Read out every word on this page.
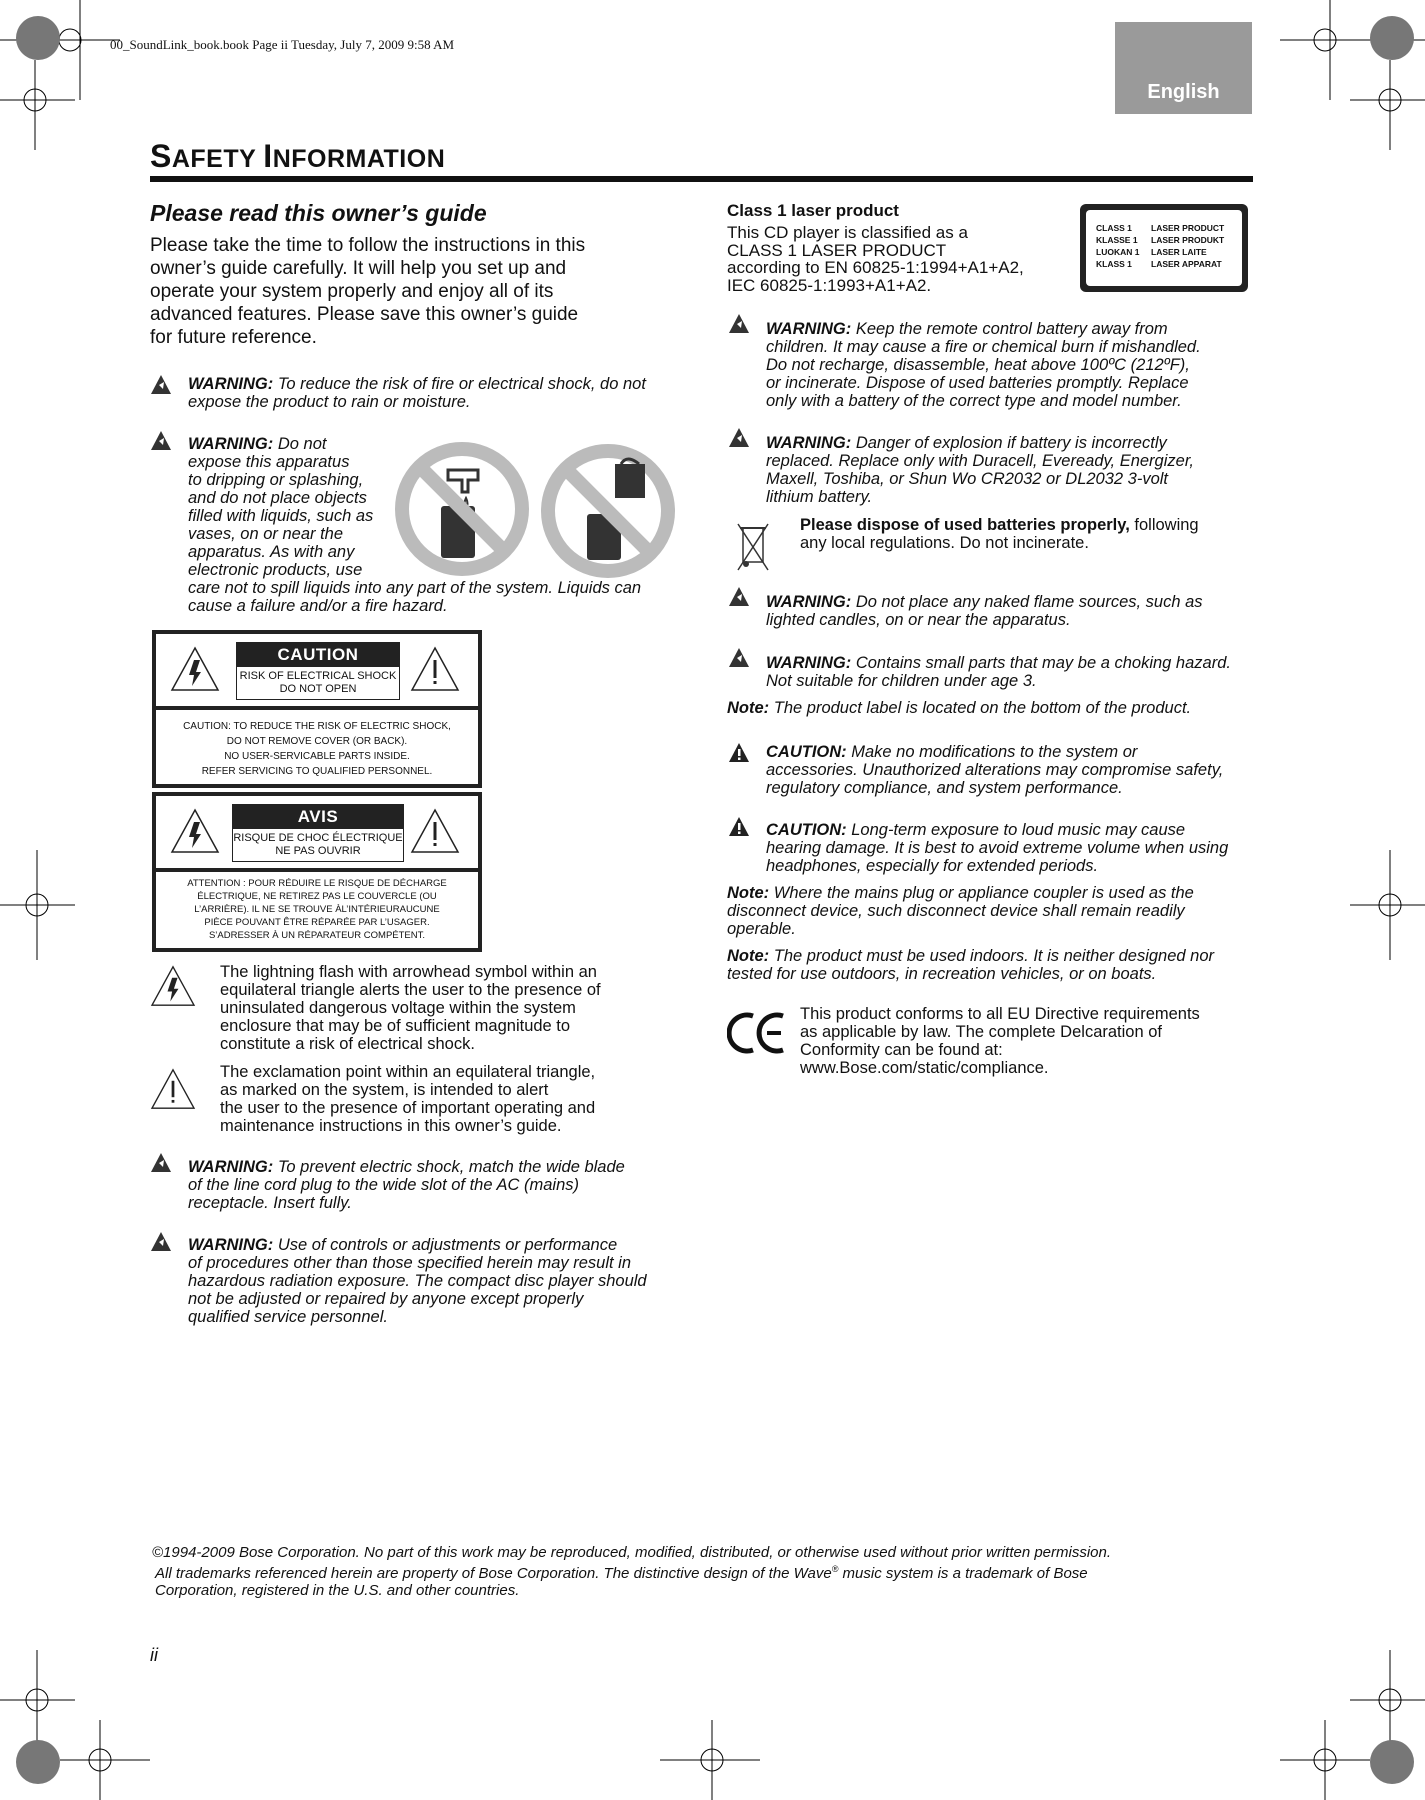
00_SoundLink_book.book Page ii Tuesday, July 7, 2009 9:58 AM
English
SAFETY INFORMATION
Please read this owner’s guide
Please take the time to follow the instructions in this
owner’s guide carefully. It will help you set up and
operate your system properly and enjoy all of its
advanced features. Please save this owner’s guide
for future reference.
WARNING: To reduce the risk of fire or electrical shock, do not
expose the product to rain or moisture.
WARNING: Do not
expose this apparatus
to dripping or splashing,
and do not place objects
filled with liquids, such as
vases, on or near the
apparatus. As with any
electronic products, use
care not to spill liquids into any part of the system. Liquids can
cause a failure and/or a fire hazard.
CAUTION
RISK OF ELECTRICAL SHOCK
DO NOT OPEN
CAUTION: TO REDUCE THE RISK OF ELECTRIC SHOCK,
DO NOT REMOVE COVER (OR BACK).
NO USER-SERVICABLE PARTS INSIDE.
REFER SERVICING TO QUALIFIED PERSONNEL.
AVIS
RISQUE DE CHOC ÉLECTRIQUE
NE PAS OUVRIR
ATTENTION : POUR RÉDUIRE LE RISQUE DE DÉCHARGE
ÉLECTRIQUE, NE RETIREZ PAS LE COUVERCLE (OU
L’ARRIÈRE). IL NE SE TROUVE ÀL’INTÉRIEURAUCUNE
PIÈCE POUVANT ÊTRE RÉPARÉE PAR L’USAGER.
S’ADRESSER À UN RÉPARATEUR COMPÉTENT.
The lightning flash with arrowhead symbol within an
equilateral triangle alerts the user to the presence of
uninsulated dangerous voltage within the system
enclosure that may be of sufficient magnitude to
constitute a risk of electrical shock.
The exclamation point within an equilateral triangle,
as marked on the system, is intended to alert
the user to the presence of important operating and
maintenance instructions in this owner’s guide.
WARNING: To prevent electric shock, match the wide blade
of the line cord plug to the wide slot of the AC (mains)
receptacle. Insert fully.
WARNING: Use of controls or adjustments or performance
of procedures other than those specified herein may result in
hazardous radiation exposure. The compact disc player should
not be adjusted or repaired by anyone except properly
qualified service personnel.
Class 1 laser product
This CD player is classified as a
CLASS 1 LASER PRODUCT
according to EN 60825-1:1994+A1+A2,
IEC 60825-1:1993+A1+A2.
CLASS 1 LASER PRODUCT
KLASSE 1 LASER PRODUKT
LUOKAN 1 LASER LAITE
KLASS 1 LASER APPARAT
WARNING: Keep the remote control battery away from
children. It may cause a fire or chemical burn if mishandled.
Do not recharge, disassemble, heat above 100ºC (212ºF),
or incinerate. Dispose of used batteries promptly. Replace
only with a battery of the correct type and model number.
WARNING: Danger of explosion if battery is incorrectly
replaced. Replace only with Duracell, Eveready, Energizer,
Maxell, Toshiba, or Shun Wo CR2032 or DL2032 3-volt
lithium battery.
Please dispose of used batteries properly, following
any local regulations. Do not incinerate.
WARNING: Do not place any naked flame sources, such as
lighted candles, on or near the apparatus.
WARNING: Contains small parts that may be a choking hazard.
Not suitable for children under age 3.
Note: The product label is located on the bottom of the product.
CAUTION: Make no modifications to the system or
accessories. Unauthorized alterations may compromise safety,
regulatory compliance, and system performance.
CAUTION: Long-term exposure to loud music may cause
hearing damage. It is best to avoid extreme volume when using
headphones, especially for extended periods.
Note: Where the mains plug or appliance coupler is used as the
disconnect device, such disconnect device shall remain readily
operable.
Note: The product must be used indoors. It is neither designed nor
tested for use outdoors, in recreation vehicles, or on boats.
This product conforms to all EU Directive requirements
as applicable by law. The complete Delcaration of
Conformity can be found at:
www.Bose.com/static/compliance.
©1994-2009 Bose Corporation. No part of this work may be reproduced, modified, distributed, or otherwise used without prior written permission.
All trademarks referenced herein are property of Bose Corporation. The distinctive design of the Wave® music system is a trademark of Bose
Corporation, registered in the U.S. and other countries.
ii
